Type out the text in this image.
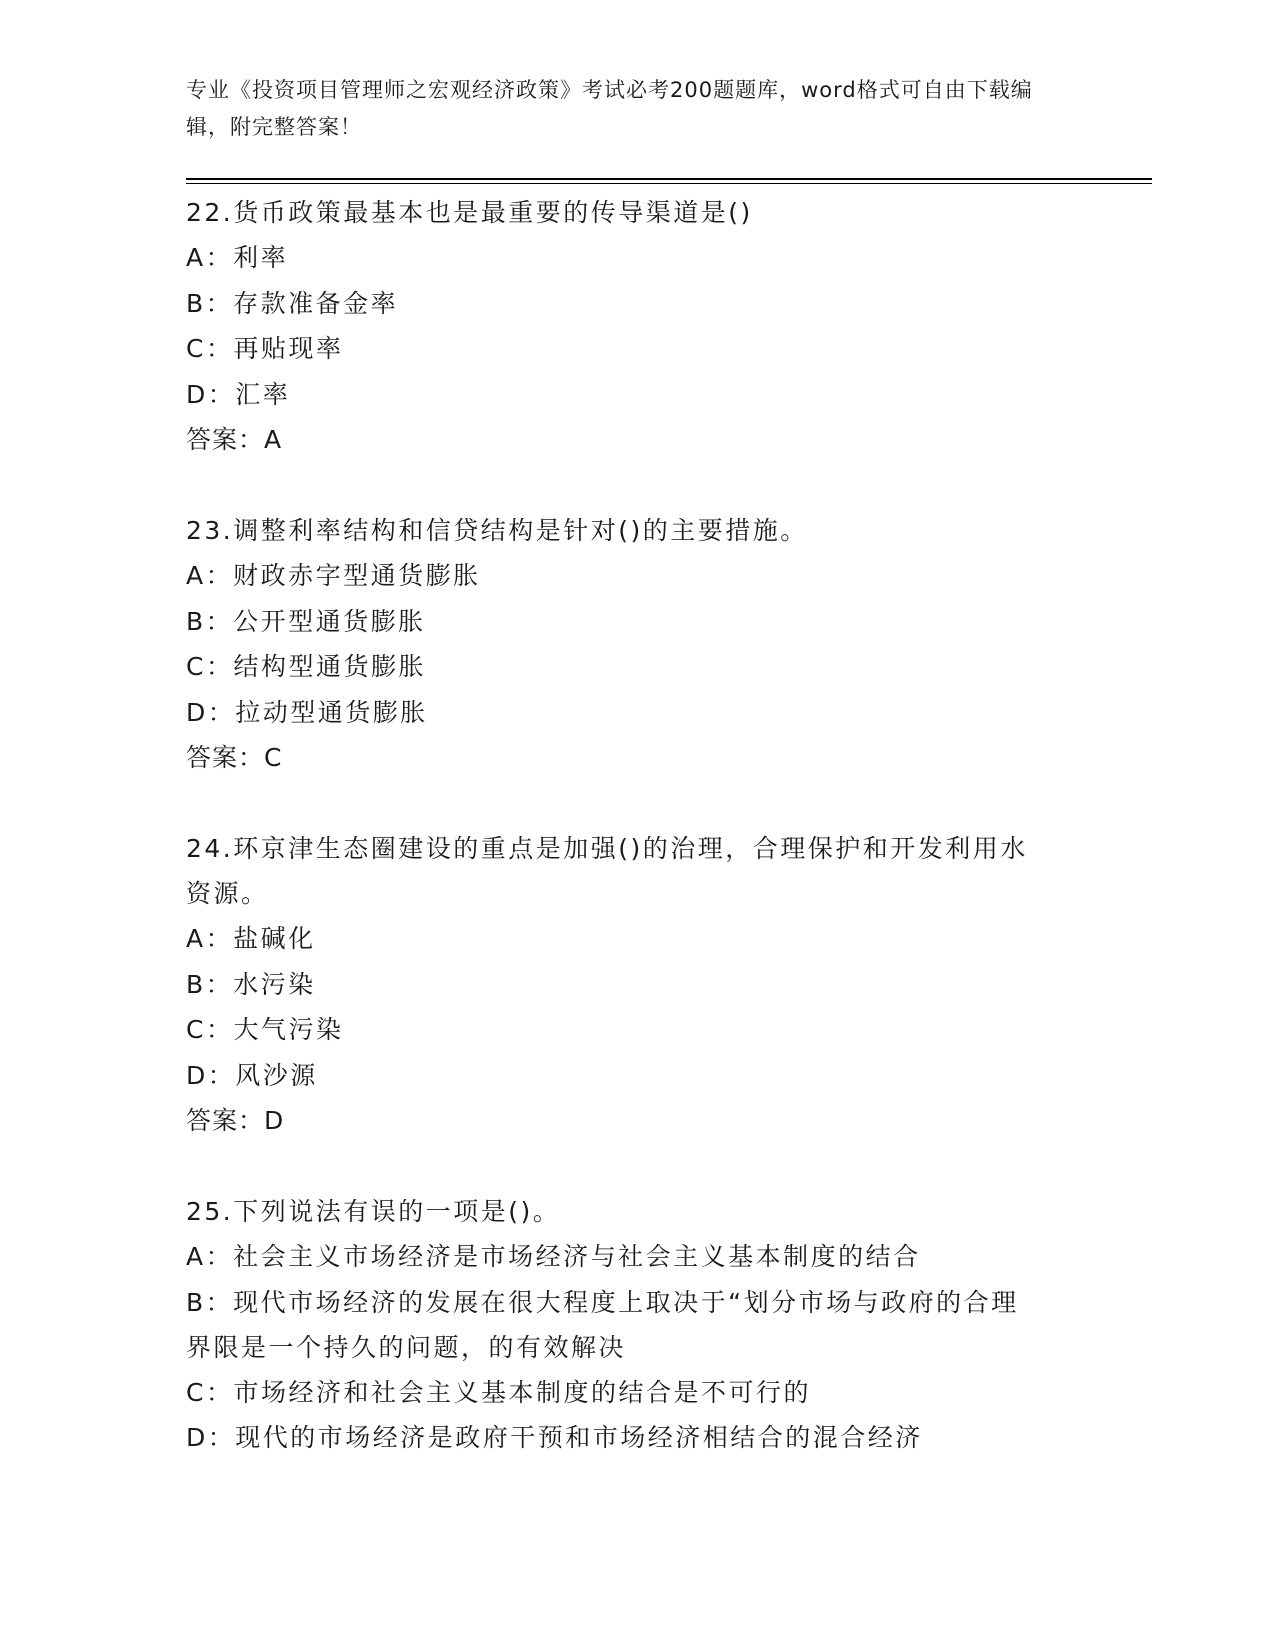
专业《投资项目管理师之宏观经济政策》考试必考200题题库，word格式可自由下载编辑，附完整答案！
22.货币政策最基本也是最重要的传导渠道是()
A：利率
B：存款准备金率
C：再贴现率
D：汇率
答案：A
23.调整利率结构和信贷结构是针对()的主要措施。
A：财政赤字型通货膨胀
B：公开型通货膨胀
C：结构型通货膨胀
D：拉动型通货膨胀
答案：C
24.环京津生态圈建设的重点是加强()的治理，合理保护和开发利用水资源。
A：盐碱化
B：水污染
C：大气污染
D：风沙源
答案：D
25.下列说法有误的一项是()。
A：社会主义市场经济是市场经济与社会主义基本制度的结合
B：现代市场经济的发展在很大程度上取决于“划分市场与政府的合理界限是一个持久的问题，的有效解决
C：市场经济和社会主义基本制度的结合是不可行的
D：现代的市场经济是政府干预和市场经济相结合的混合经济
